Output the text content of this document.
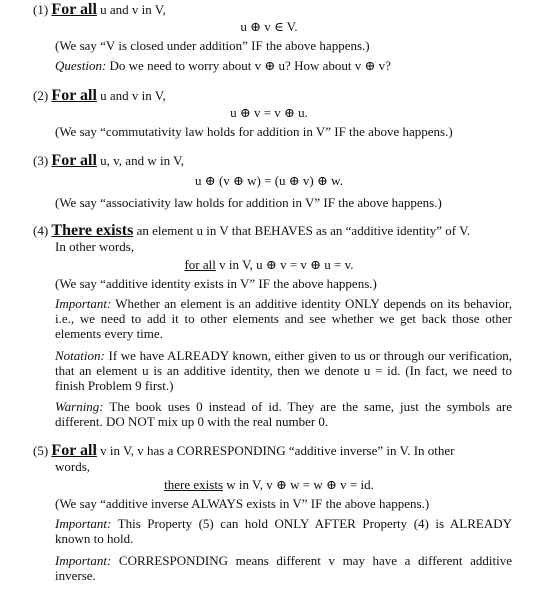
(1) For all u and v in V,
u ⊕ v ∈ V.
(We say “V is closed under addition” IF the above happens.)
Question: Do we need to worry about v ⊕ u? How about v ⊕ v?
(2) For all u and v in V,
u ⊕ v = v ⊕ u.
(We say “commutativity law holds for addition in V” IF the above happens.)
(3) For all u, v, and w in V,
u ⊕ (v ⊕ w) = (u ⊕ v) ⊕ w.
(We say “associativity law holds for addition in V” IF the above happens.)
(4) There exists an element u in V that BEHAVES as an “additive identity” of V.
In other words,
for all v in V, u ⊕ v = v ⊕ u = v.
(We say “additive identity exists in V” IF the above happens.)
Important: Whether an element is an additive identity ONLY depends on its behavior, i.e., we need to add it to other elements and see whether we get back those other elements every time.
Notation: If we have ALREADY known, either given to us or through our verification, that an element u is an additive identity, then we denote u = id. (In fact, we need to finish Problem 9 first.)
Warning: The book uses 0 instead of id. They are the same, just the symbols are different. DO NOT mix up 0 with the real number 0.
(5) For all v in V, v has a CORRESPONDING “additive inverse” in V. In other
words,
there exists w in V, v ⊕ w = w ⊕ v = id.
(We say “additive inverse ALWAYS exists in V” IF the above happens.)
Important: This Property (5) can hold ONLY AFTER Property (4) is ALREADY known to hold.
Important: CORRESPONDING means different v may have a different additive inverse.
